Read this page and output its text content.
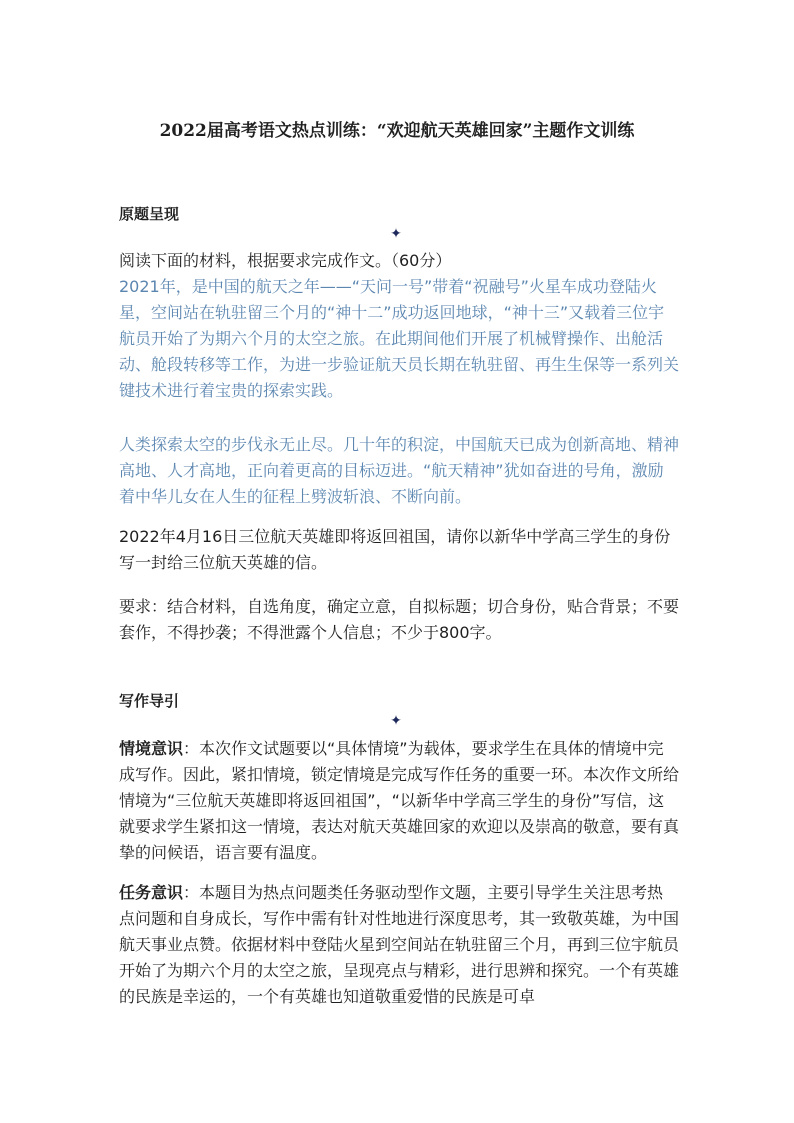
2022届高考语文热点训练：“欢迎航天英雄回家”主题作文训练
原题呈现
✦

阅读下面的材料，根据要求完成作文。（60分）

2021年，是中国的航天之年——“天问一号”带着“祝融号”火星车成功登陆火星，空间站在轨驻留三个月的“神十二”成功返回地球，“神十三”又载着三位宇航员开始了为期六个月的太空之旅。在此期间他们开展了机械臂操作、出舱活动、舱段转移等工作，为进一步验证航天员长期在轨驻留、再生生保等一系列关键技术进行着宝贵的探索实践。

人类探索太空的步伐永无止尽。几十年的积淀，中国航天已成为创新高地、精神高地、人才高地，正向着更高的目标迈进。“航天精神”犹如奋进的号角，激励着中华儿女在人生的征程上劈波斩浪、不断向前。

2022年4月16日三位航天英雄即将返回祖国，请你以新华中学高三学生的身份写一封给三位航天英雄的信。

要求：结合材料，自选角度，确定立意，自拟标题；切合身份，贴合背景；不要套作，不得抄袭；不得泄露个人信息；不少于800字。

写作导引
✦

情境意识：本次作文试题要以“具体情境”为载体，要求学生在具体的情境中完成写作。因此，紧扣情境，锁定情境是完成写作任务的重要一环。本次作文所给情境为“三位航天英雄即将返回祖国”，“以新华中学高三学生的身份”写信，这就要求学生紧扣这一情境，表达对航天英雄回家的欢迎以及崇高的敬意，要有真挚的问候语，语言要有温度。

任务意识：本题目为热点问题类任务驱动型作文题，主要引导学生关注思考热点问题和自身成长，写作中需有针对性地进行深度思考，其一致敬英雄，为中国航天事业点赞。依据材料中登陆火星到空间站在轨驻留三个月，再到三位宇航员开始了为期六个月的太空之旅，呈现亮点与精彩，进行思辨和探究。一个有英雄的民族是幸运的，一个有英雄也知道敬重爱惜的民族是可卓
